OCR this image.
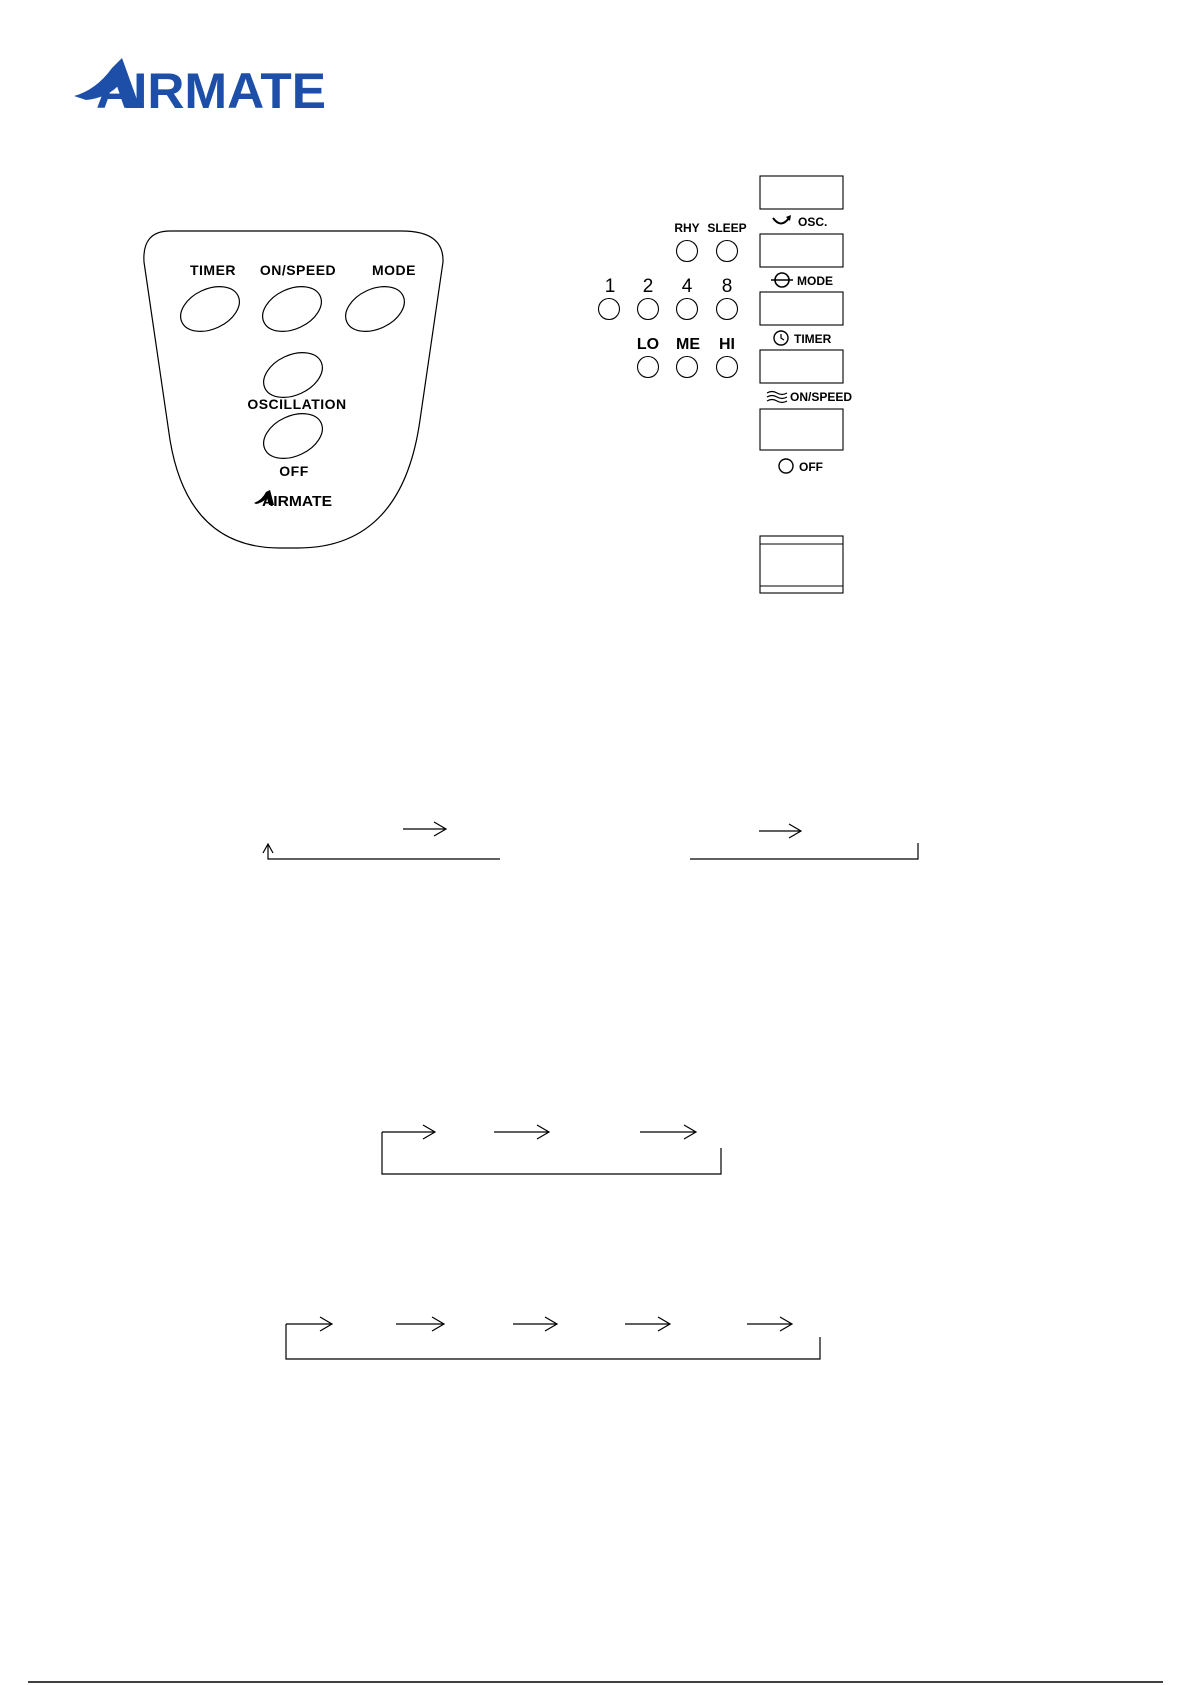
AIRMATE
TIMER ON/SPEED	MODE
OSCILLATION
OFF
AIRMATE
RHY SLEEP
1 2 4 8
LO ME HI
OSC.
MODE
TIMER
ON/SPEED
OFF
